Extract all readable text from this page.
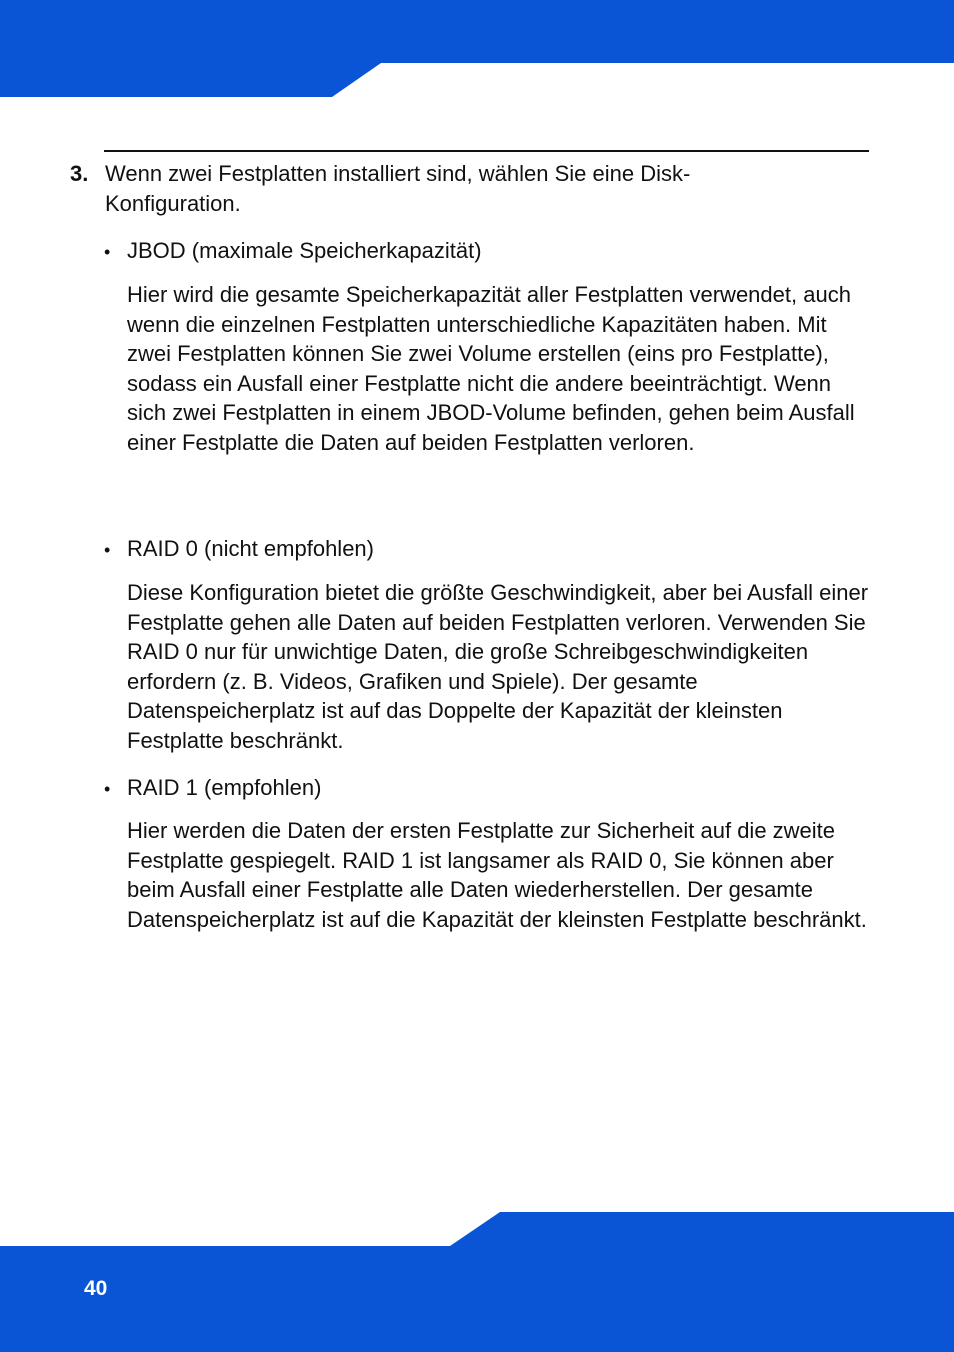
3. Wenn zwei Festplatten installiert sind, wählen Sie eine Disk-Konfiguration.
• JBOD (maximale Speicherkapazität)
Hier wird die gesamte Speicherkapazität aller Festplatten verwendet, auch wenn die einzelnen Festplatten unterschiedliche Kapazitäten haben. Mit zwei Festplatten können Sie zwei Volume erstellen (eins pro Festplatte), sodass ein Ausfall einer Festplatte nicht die andere beeinträchtigt. Wenn sich zwei Festplatten in einem JBOD-Volume befinden, gehen beim Ausfall einer Festplatte die Daten auf beiden Festplatten verloren.
• RAID 0 (nicht empfohlen)
Diese Konfiguration bietet die größte Geschwindigkeit, aber bei Ausfall einer Festplatte gehen alle Daten auf beiden Festplatten verloren. Verwenden Sie RAID 0 nur für unwichtige Daten, die große Schreibgeschwindigkeiten erfordern (z. B. Videos, Grafiken und Spiele). Der gesamte Datenspeicherplatz ist auf das Doppelte der Kapazität der kleinsten Festplatte beschränkt.
• RAID 1 (empfohlen)
Hier werden die Daten der ersten Festplatte zur Sicherheit auf die zweite Festplatte gespiegelt. RAID 1 ist langsamer als RAID 0, Sie können aber beim Ausfall einer Festplatte alle Daten wiederherstellen. Der gesamte Datenspeicherplatz ist auf die Kapazität der kleinsten Festplatte beschränkt.
40
